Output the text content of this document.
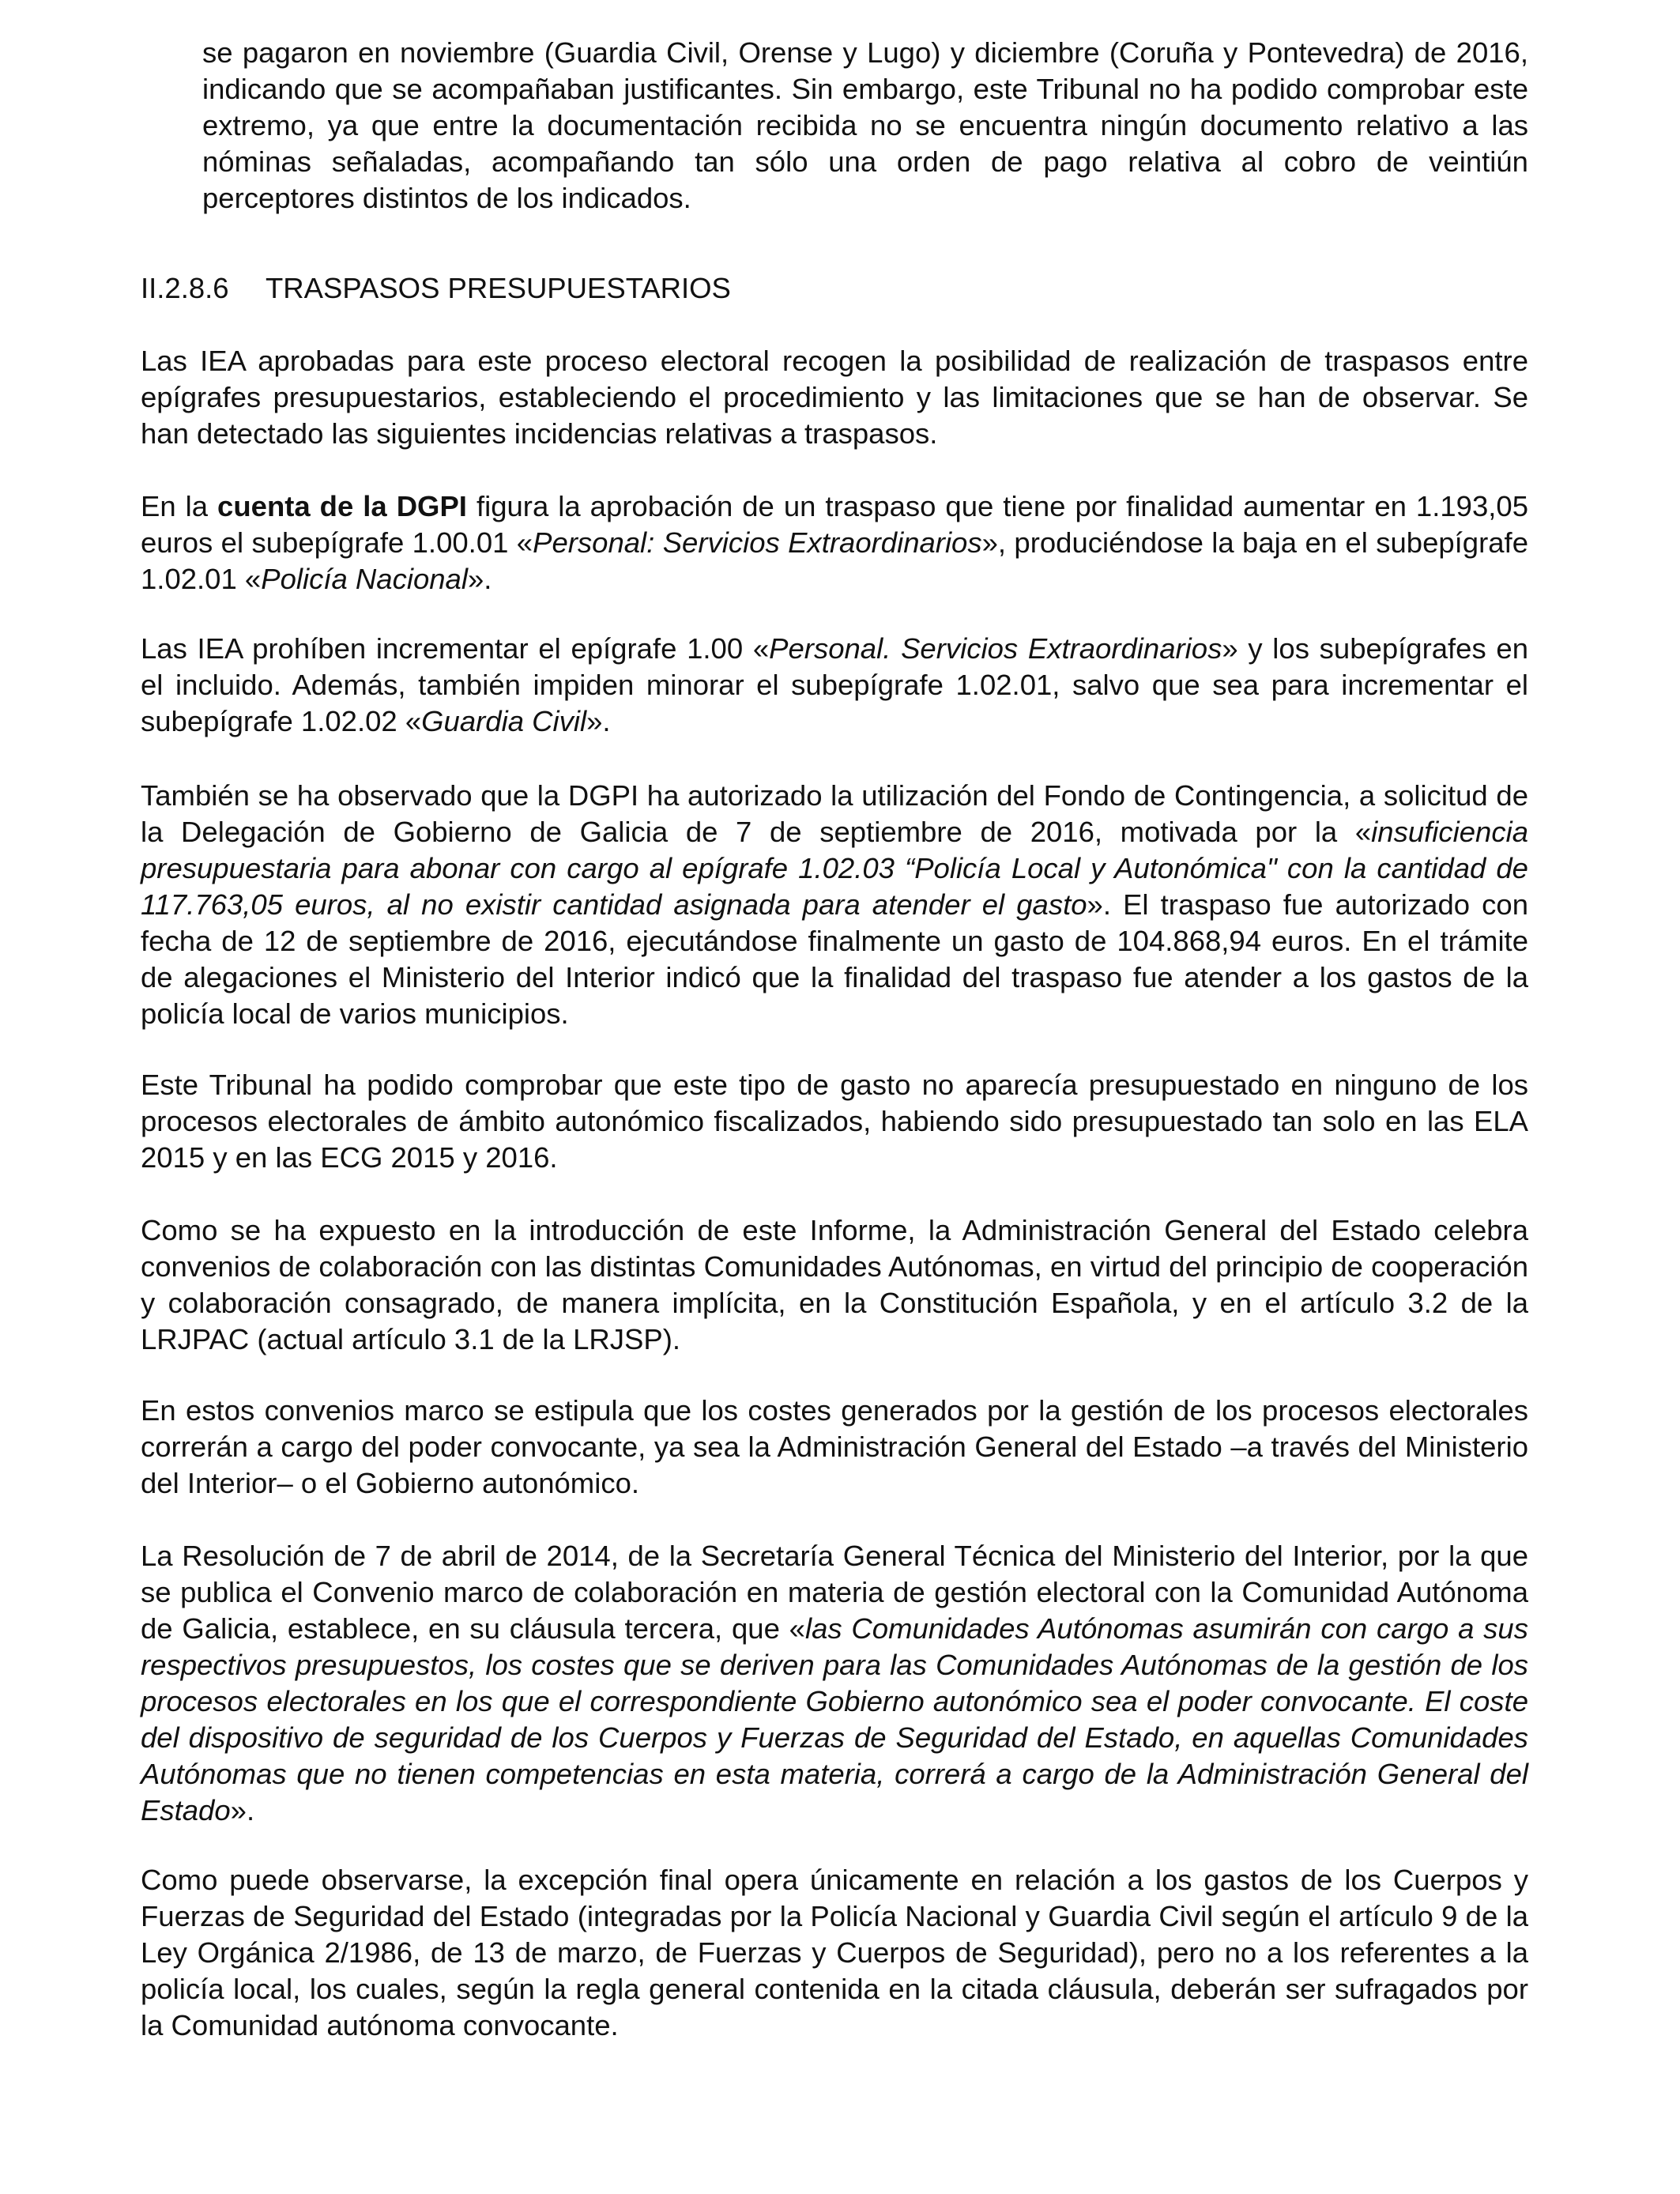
se pagaron en noviembre (Guardia Civil, Orense y Lugo) y diciembre (Coruña y Pontevedra) de 2016, indicando que se acompañaban justificantes. Sin embargo, este Tribunal no ha podido comprobar este extremo, ya que entre la documentación recibida no se encuentra ningún documento relativo a las nóminas señaladas, acompañando tan sólo una orden de pago relativa al cobro de veintiún perceptores distintos de los indicados.

II.2.8.6 TRASPASOS PRESUPUESTARIOS

Las IEA aprobadas para este proceso electoral recogen la posibilidad de realización de traspasos entre epígrafes presupuestarios, estableciendo el procedimiento y las limitaciones que se han de observar. Se han detectado las siguientes incidencias relativas a traspasos.

En la cuenta de la DGPI figura la aprobación de un traspaso que tiene por finalidad aumentar en 1.193,05 euros el subepígrafe 1.00.01 «Personal: Servicios Extraordinarios», produciéndose la baja en el subepígrafe 1.02.01 «Policía Nacional».

Las IEA prohíben incrementar el epígrafe 1.00 «Personal. Servicios Extraordinarios» y los subepígrafes en el incluido. Además, también impiden minorar el subepígrafe 1.02.01, salvo que sea para incrementar el subepígrafe 1.02.02 «Guardia Civil».

También se ha observado que la DGPI ha autorizado la utilización del Fondo de Contingencia, a solicitud de la Delegación de Gobierno de Galicia de 7 de septiembre de 2016, motivada por la «insuficiencia presupuestaria para abonar con cargo al epígrafe 1.02.03 “Policía Local y Autonómica" con la cantidad de 117.763,05 euros, al no existir cantidad asignada para atender el gasto». El traspaso fue autorizado con fecha de 12 de septiembre de 2016, ejecutándose finalmente un gasto de 104.868,94 euros. En el trámite de alegaciones el Ministerio del Interior indicó que la finalidad del traspaso fue atender a los gastos de la policía local de varios municipios.

Este Tribunal ha podido comprobar que este tipo de gasto no aparecía presupuestado en ninguno de los procesos electorales de ámbito autonómico fiscalizados, habiendo sido presupuestado tan solo en las ELA 2015 y en las ECG 2015 y 2016.

Como se ha expuesto en la introducción de este Informe, la Administración General del Estado celebra convenios de colaboración con las distintas Comunidades Autónomas, en virtud del principio de cooperación y colaboración consagrado, de manera implícita, en la Constitución Española, y en el artículo 3.2 de la LRJPAC (actual artículo 3.1 de la LRJSP).

En estos convenios marco se estipula que los costes generados por la gestión de los procesos electorales correrán a cargo del poder convocante, ya sea la Administración General del Estado –a través del Ministerio del Interior– o el Gobierno autonómico.

La Resolución de 7 de abril de 2014, de la Secretaría General Técnica del Ministerio del Interior, por la que se publica el Convenio marco de colaboración en materia de gestión electoral con la Comunidad Autónoma de Galicia, establece, en su cláusula tercera, que «las Comunidades Autónomas asumirán con cargo a sus respectivos presupuestos, los costes que se deriven para las Comunidades Autónomas de la gestión de los procesos electorales en los que el correspondiente Gobierno autonómico sea el poder convocante. El coste del dispositivo de seguridad de los Cuerpos y Fuerzas de Seguridad del Estado, en aquellas Comunidades Autónomas que no tienen competencias en esta materia, correrá a cargo de la Administración General del Estado».

Como puede observarse, la excepción final opera únicamente en relación a los gastos de los Cuerpos y Fuerzas de Seguridad del Estado (integradas por la Policía Nacional y Guardia Civil según el artículo 9 de la Ley Orgánica 2/1986, de 13 de marzo, de Fuerzas y Cuerpos de Seguridad), pero no a los referentes a la policía local, los cuales, según la regla general contenida en la citada cláusula, deberán ser sufragados por la Comunidad autónoma convocante.
